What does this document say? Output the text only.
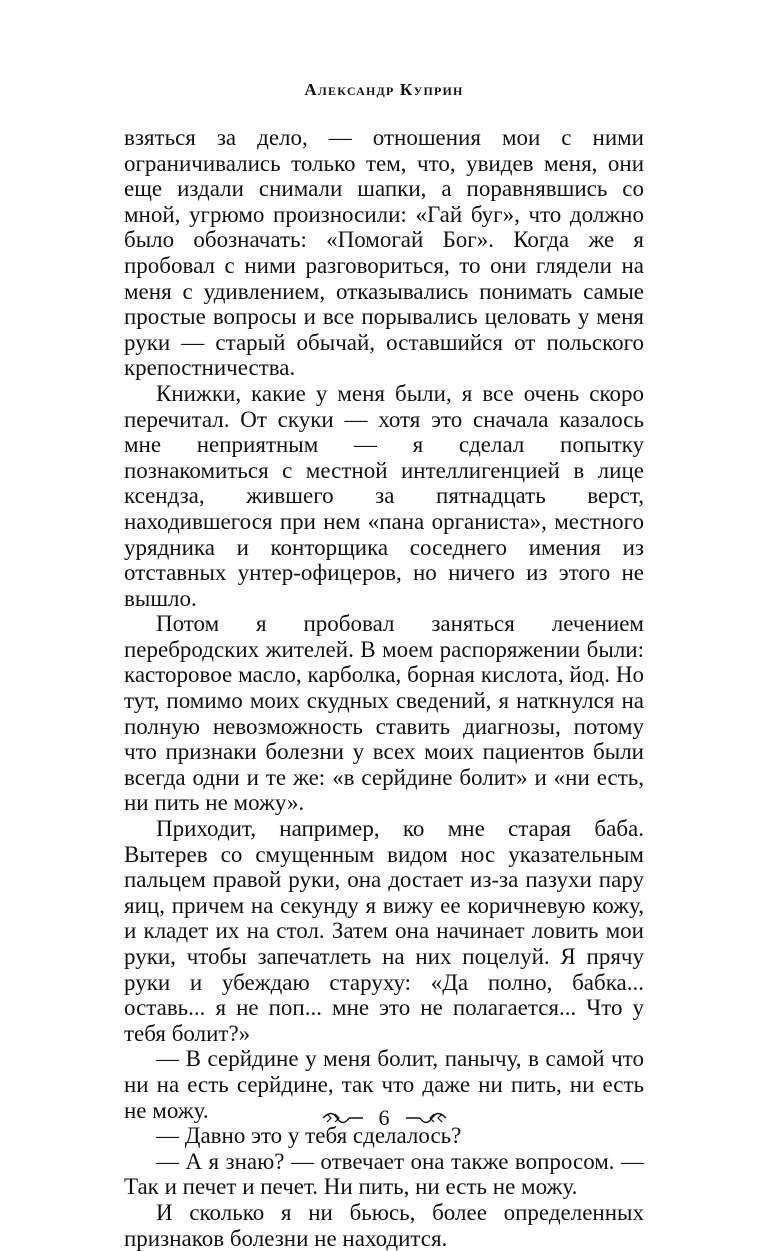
Александр Куприн

взяться за дело, — отношения мои с ними ограничивались только тем, что, увидев меня, они еще издали снимали шапки, а поравнявшись со мной, угрюмо произносили: «Гай буг», что должно было обозначать: «Помогай Бог». Когда же я пробовал с ними разговориться, то они глядели на меня с удивлением, отказывались понимать самые простые вопросы и все порывались целовать у меня руки — старый обычай, оставшийся от польского крепостничества.

Книжки, какие у меня были, я все очень скоро перечитал. От скуки — хотя это сначала казалось мне неприятным — я сделал попытку познакомиться с местной интеллигенцией в лице ксендза, жившего за пятнадцать верст, находившегося при нем «пана органиста», местного урядника и конторщика соседнего имения из отставных унтер-офицеров, но ничего из этого не вышло.

Потом я пробовал заняться лечением перебродских жителей. В моем распоряжении были: касторовое масло, карболка, борная кислота, йод. Но тут, помимо моих скудных сведений, я наткнулся на полную невозможность ставить диагнозы, потому что признаки болезни у всех моих пациентов были всегда одни и те же: «в серйдине болит» и «ни есть, ни пить не можу».

Приходит, например, ко мне старая баба. Вытерев со смущенным видом нос указательным пальцем правой руки, она достает из-за пазухи пару яиц, причем на секунду я вижу ее коричневую кожу, и кладет их на стол. Затем она начинает ловить мои руки, чтобы запечатлеть на них поцелуй. Я прячу руки и убеждаю старуху: «Да полно, бабка... оставь... я не поп... мне это не полагается... Что у тебя болит?»

— В серйдине у меня болит, панычу, в самой что ни на есть серйдине, так что даже ни пить, ни есть не можу.

— Давно это у тебя сделалось?

— А я знаю? — отвечает она также вопросом. — Так и печет и печет. Ни пить, ни есть не можу.

И сколько я ни бьюсь, более определенных признаков болезни не находится.

6
